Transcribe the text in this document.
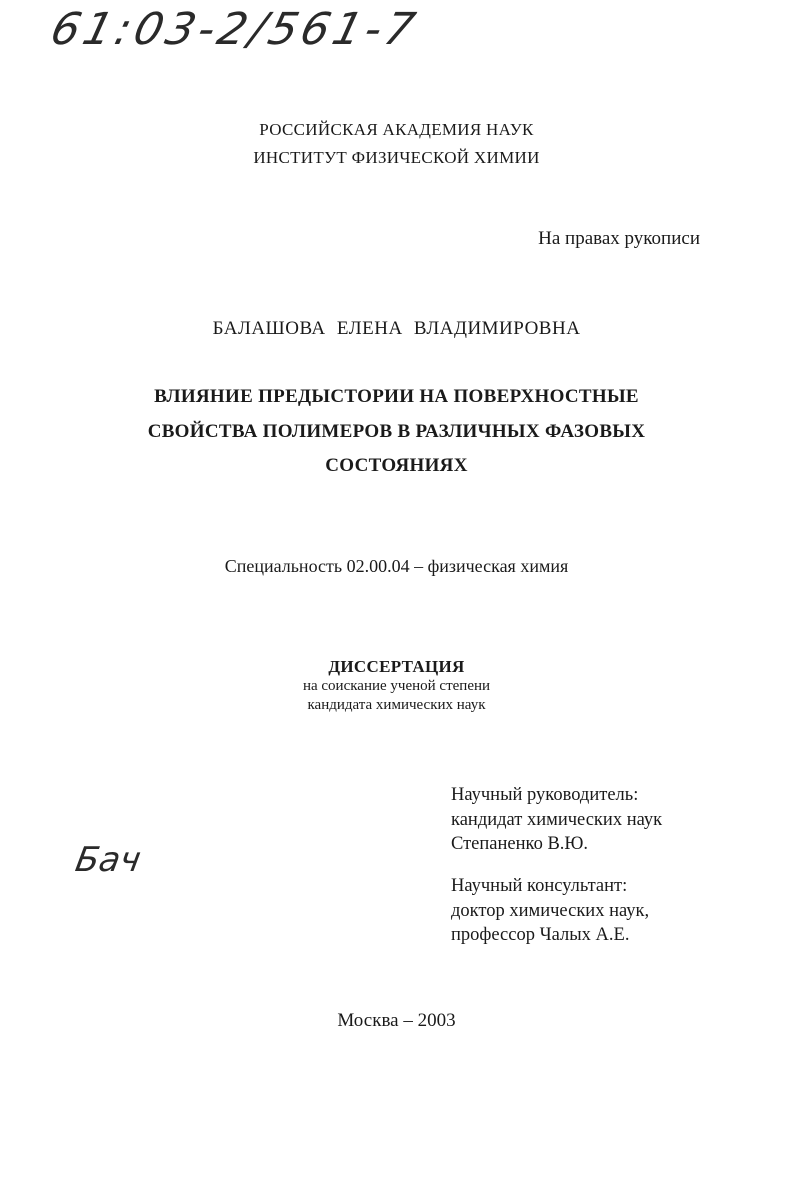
61:03-2/561-7
РОССИЙСКАЯ АКАДЕМИЯ НАУК
ИНСТИТУТ ФИЗИЧЕСКОЙ ХИМИИ
На правах рукописи
БАЛАШОВА ЕЛЕНА ВЛАДИМИРОВНА
ВЛИЯНИЕ ПРЕДЫСТОРИИ НА ПОВЕРХНОСТНЫЕ
СВОЙСТВА ПОЛИМЕРОВ В РАЗЛИЧНЫХ ФАЗОВЫХ
СОСТОЯНИЯХ
Специальность 02.00.04 – физическая химия
ДИССЕРТАЦИЯ
на соискание ученой степени
кандидата химических наук
Научный руководитель:
кандидат химических наук
Степаненко В.Ю.
Научный консультант:
доктор химических наук,
профессор Чалых А.Е.
Бач
Москва – 2003
